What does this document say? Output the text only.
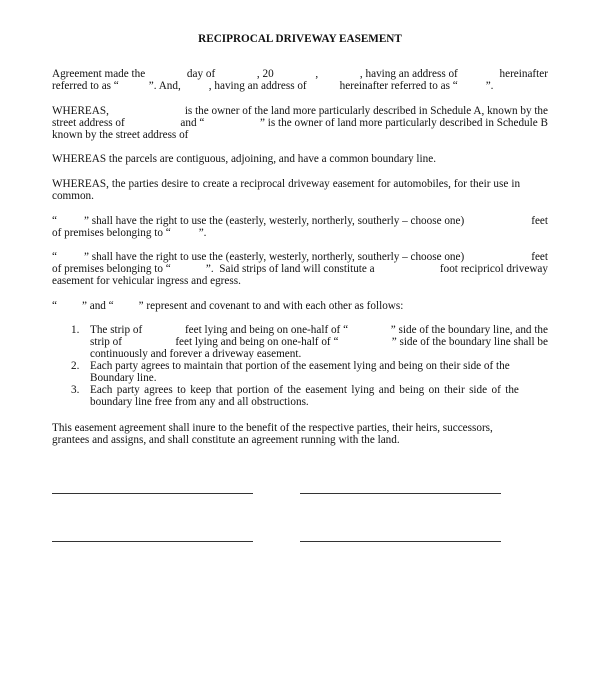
RECIPROCAL DRIVEWAY EASEMENT
Agreement made the	day of	, 20	,	, having an address of	hereinafter
referred to as “	”. And,	, having an address of	hereinafter referred to as “	”.
WHEREAS,	is the owner of the land more particularly described in Schedule A, known by the
street address of	and “	” is the owner of land more particularly described in Schedule B
known by the street address of
WHEREAS the parcels are contiguous, adjoining, and have a common boundary line.
WHEREAS, the parties desire to create a reciprocal driveway easement for automobiles, for their use in
common.
“ ” shall have the right to use the (easterly, westerly, northerly, southerly – choose one)	feet
of premises belonging to “	”.
“ ” shall have the right to use the (easterly, westerly, northerly, southerly – choose one)	feet
of premises belonging to “	”.  Said strips of land will constitute a	foot recipricol driveway
easement for vehicular ingress and egress.
“ ” and “ ” represent and covenant to and with each other as follows:
1. The strip of	feet lying and being on one-half of “	” side of the boundary line, and the
strip of	feet lying and being on one-half of “	” side of the boundary line shall be
continuously and forever a driveway easement.
2. Each party agrees to maintain that portion of the easement lying and being on their side of the
Boundary line.
3. Each party agrees to keep that portion of the easement lying and being on their side of the
boundary line free from any and all obstructions.
This easement agreement shall inure to the benefit of the respective parties, their heirs, successors,
grantees and assigns, and shall constitute an agreement running with the land.
